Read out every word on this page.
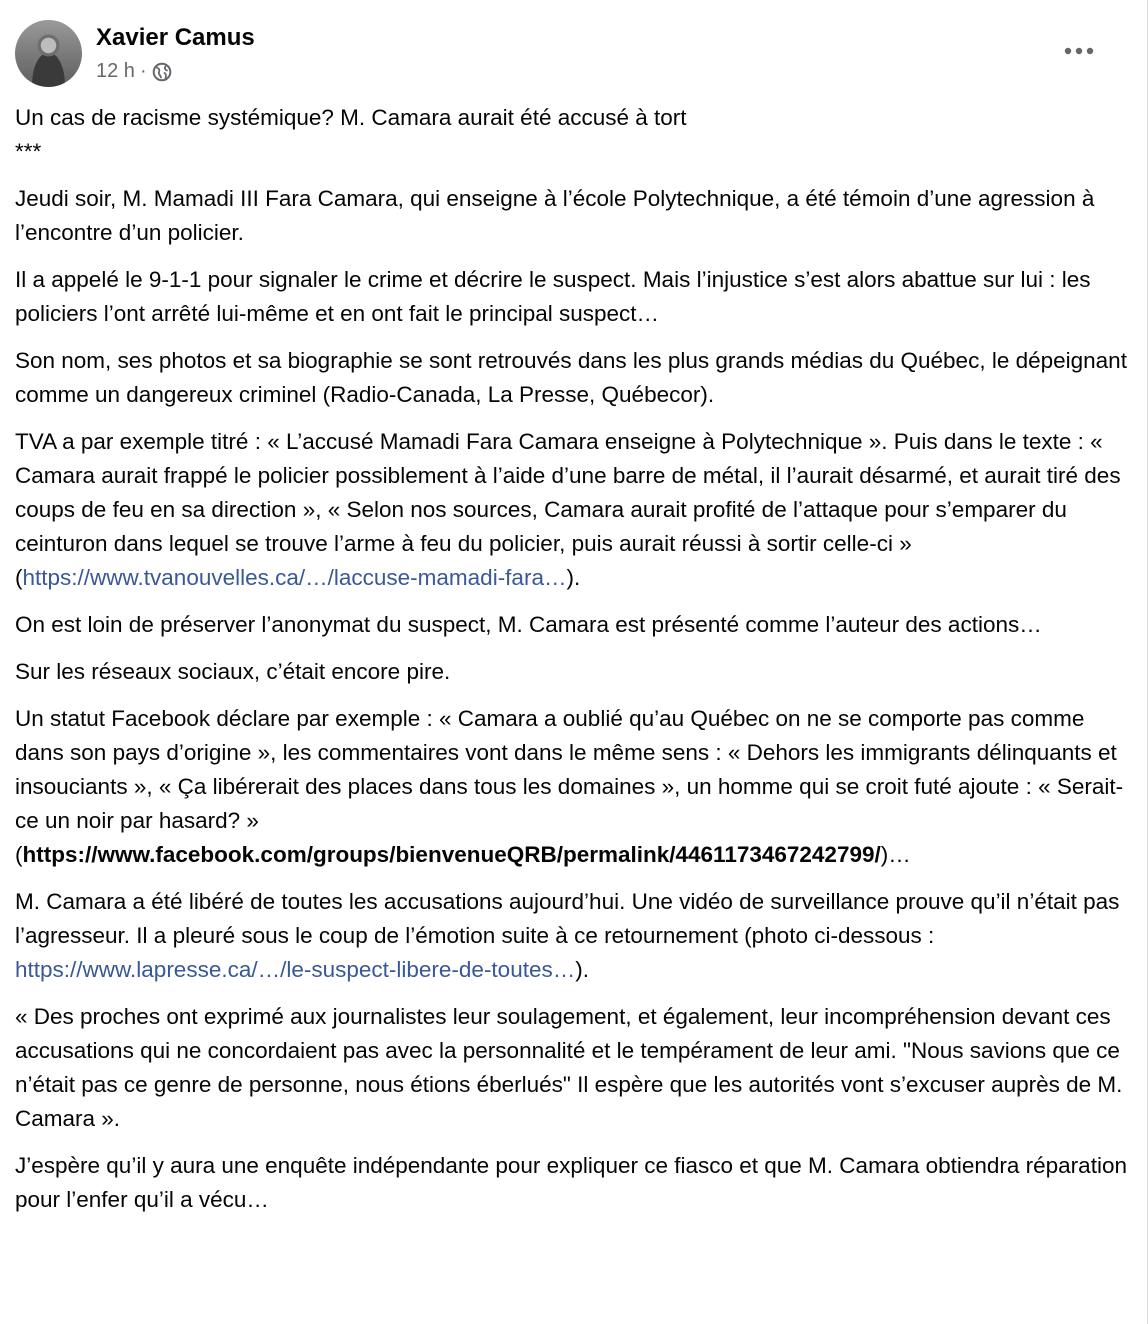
Xavier Camus
12 h ·

Un cas de racisme systémique? M. Camara aurait été accusé à tort

***

Jeudi soir, M. Mamadi III Fara Camara, qui enseigne à l’école Polytechnique, a été témoin d’une agression à l’encontre d’un policier.

Il a appelé le 9-1-1 pour signaler le crime et décrire le suspect. Mais l’injustice s’est alors abattue sur lui : les policiers l’ont arrêté lui-même et en ont fait le principal suspect…

Son nom, ses photos et sa biographie se sont retrouvés dans les plus grands médias du Québec, le dépeignant comme un dangereux criminel (Radio-Canada, La Presse, Québecor).

TVA a par exemple titré : « L’accusé Mamadi Fara Camara enseigne à Polytechnique ». Puis dans le texte : « Camara aurait frappé le policier possiblement à l’aide d’une barre de métal, il l’aurait désarmé, et aurait tiré des coups de feu en sa direction », « Selon nos sources, Camara aurait profité de l’attaque pour s’emparer du ceinturon dans lequel se trouve l’arme à feu du policier, puis aurait réussi à sortir celle-ci » (https://www.tvanouvelles.ca/…/laccuse-mamadi-fara…).

On est loin de préserver l’anonymat du suspect, M. Camara est présenté comme l’auteur des actions…

Sur les réseaux sociaux, c’était encore pire.

Un statut Facebook déclare par exemple : « Camara a oublié qu’au Québec on ne se comporte pas comme dans son pays d’origine », les commentaires vont dans le même sens : « Dehors les immigrants délinquants et insouciants », « Ça libérerait des places dans tous les domaines », un homme qui se croit futé ajoute : « Serait-ce un noir par hasard? » (https://www.facebook.com/groups/bienvenueQRB/permalink/4461173467242799/)…

M. Camara a été libéré de toutes les accusations aujourd’hui. Une vidéo de surveillance prouve qu’il n’était pas l’agresseur. Il a pleuré sous le coup de l’émotion suite à ce retournement (photo ci-dessous : https://www.lapresse.ca/…/le-suspect-libere-de-toutes…).

« Des proches ont exprimé aux journalistes leur soulagement, et également, leur incompréhension devant ces accusations qui ne concordaient pas avec la personnalité et le tempérament de leur ami. "Nous savions que ce n’était pas ce genre de personne, nous étions éberlués" Il espère que les autorités vont s’excuser auprès de M. Camara ».

J’espère qu’il y aura une enquête indépendante pour expliquer ce fiasco et que M. Camara obtiendra réparation pour l’enfer qu’il a vécu…
